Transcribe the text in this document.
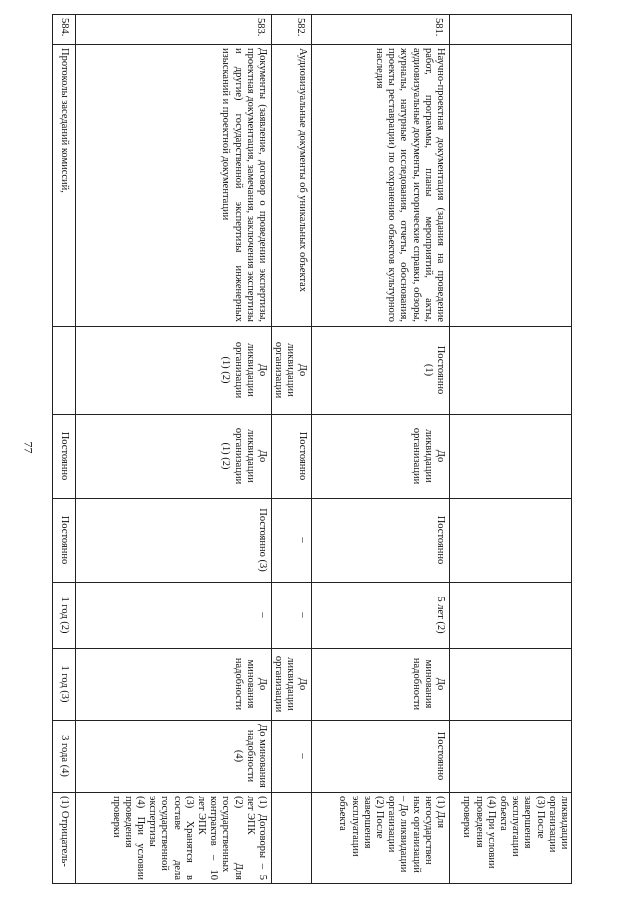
77
ликвидации
организации
(3) После
завершения
эксплуатации
объекта
(4) При условии
проведения
проверки
581.
Научно-проектная документация (задания на проведение работ, программы, планы мероприятий, акты, аудиовизуальные документы, исторические справки, обзоры, журналы, натурные исследования, отчеты, обоснования, проекты реставрации) по сохранению объектов культурного наследия
Постоянно
(1)
До
ликвидации
организации
Постоянно
5 лет (2)
До
минования
надобности
Постоянно
(1) Для
негосударствен
ных организаций
– До ликвидации
организации
(2) После
завершения
эксплуатации
объекта
582.
Аудиовизуальные документы об уникальных объектах
До
ликвидации
организации
Постоянно
–
–
До
ликвидации
организации
–
583.
Документы (заявление, договор о проведении экспертизы, проектная документация, замечания, заключения экспертизы и другие) государственной экспертизы инженерных изысканий и проектной документации
До
ликвидации
организации
(1) (2)
До
ликвидации
организации
(1) (2)
Постоянно (3)
–
До
минования
надобности
До минования
надобности (4)
(1) Договоры – 5 лет ЭПК
(2) Для государственных контрактов – 10 лет ЭПК
(3) Хранятся в составе дела государственной экспертизы
(4) При условии проведения проверки
584.
Протоколы заседаний комиссий,
Постоянно
Постоянно
1 год (2)
1 год (3)
3 года (4)
(1) Отрицатель-
